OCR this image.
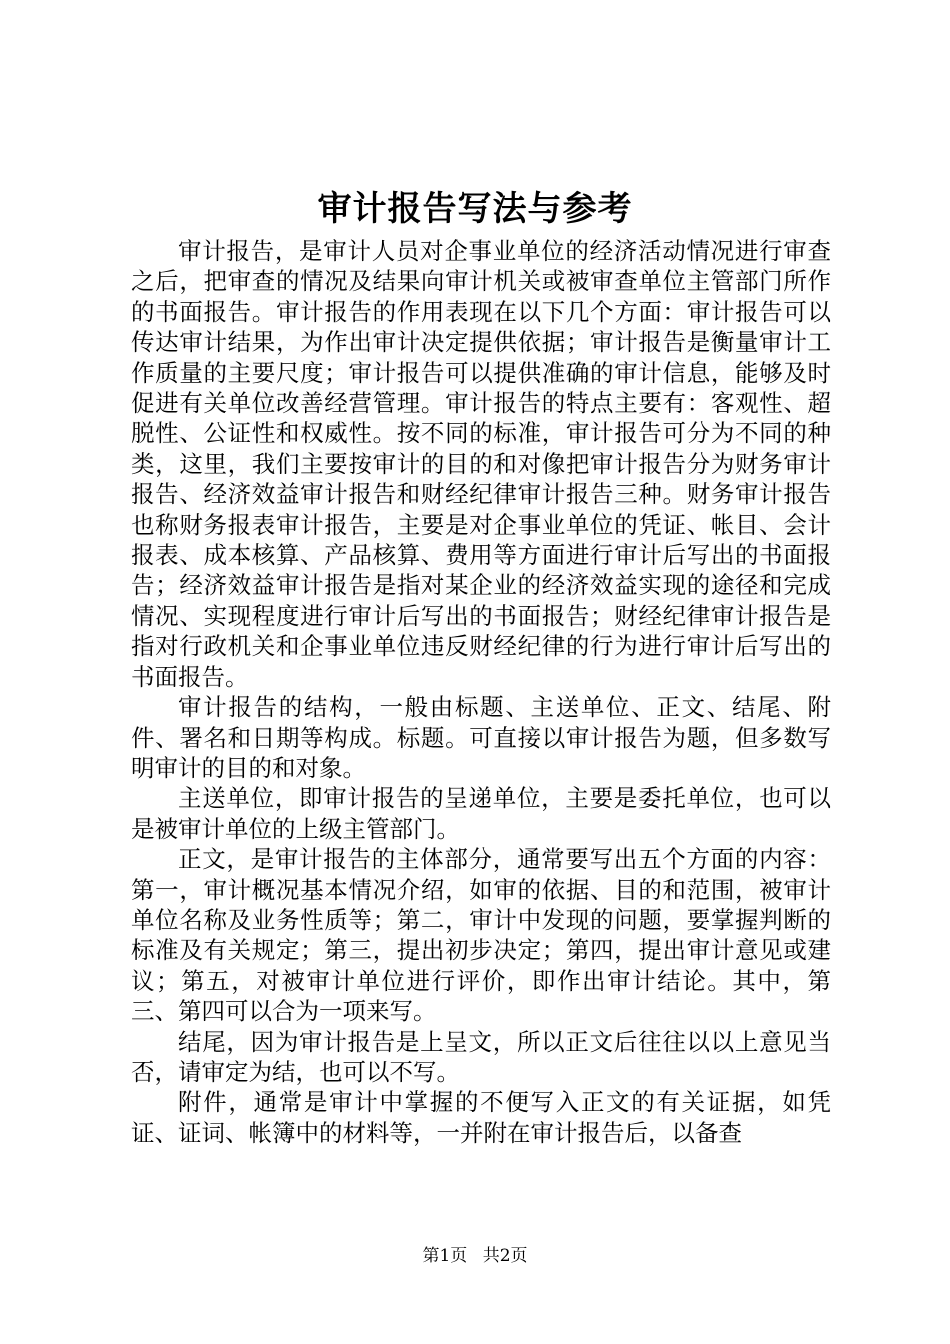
审计报告写法与参考

审计报告，是审计人员对企事业单位的经济活动情况进行审查之后，把审查的情况及结果向审计机关或被审查单位主管部门所作的书面报告。审计报告的作用表现在以下几个方面：审计报告可以传达审计结果，为作出审计决定提供依据；审计报告是衡量审计工作质量的主要尺度；审计报告可以提供准确的审计信息，能够及时促进有关单位改善经营管理。审计报告的特点主要有：客观性、超脱性、公证性和权威性。按不同的标准，审计报告可分为不同的种类，这里，我们主要按审计的目的和对像把审计报告分为财务审计报告、经济效益审计报告和财经纪律审计报告三种。财务审计报告也称财务报表审计报告，主要是对企事业单位的凭证、帐目、会计报表、成本核算、产品核算、费用等方面进行审计后写出的书面报告；经济效益审计报告是指对某企业的经济效益实现的途径和完成情况、实现程度进行审计后写出的书面报告；财经纪律审计报告是指对行政机关和企事业单位违反财经纪律的行为进行审计后写出的书面报告。

审计报告的结构，一般由标题、主送单位、正文、结尾、附件、署名和日期等构成。标题。可直接以审计报告为题，但多数写明审计的目的和对象。

主送单位，即审计报告的呈递单位，主要是委托单位，也可以是被审计单位的上级主管部门。

正文，是审计报告的主体部分，通常要写出五个方面的内容：第一，审计概况基本情况介绍，如审的依据、目的和范围，被审计单位名称及业务性质等；第二，审计中发现的问题，要掌握判断的标准及有关规定；第三，提出初步决定；第四，提出审计意见或建议；第五，对被审计单位进行评价，即作出审计结论。其中，第三、第四可以合为一项来写。

结尾，因为审计报告是上呈文，所以正文后往往以以上意见当否，请审定为结，也可以不写。

附件，通常是审计中掌握的不便写入正文的有关证据，如凭证、证词、帐簿中的材料等，一并附在审计报告后，以备查

第1页 共2页
